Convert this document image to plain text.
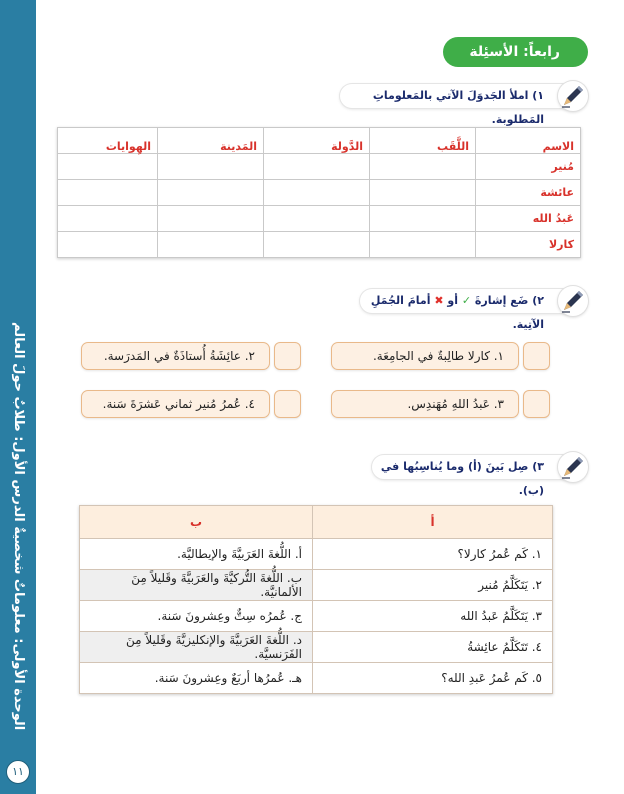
الوحدة الأولى: معلوماتٌ شخصيةٌ الدرس الأول: طلابٌ حولَ العالم
١١
رابعاً: الأسئِلة
١) املأ الجَدوَلَ الآتي بالمَعلوماتِ المَطلوبة.
الاسم	اللَّقَب	الدَّولة	المَدينة	الهِوايات
مُنير				
عائشة				
عَبدُ الله				
كارلا				
٢) ضَع إشارةَ ✓ أو ✖ أمامَ الجُمَلِ الآتِية.
١. كارلا طالِبةٌ في الجامِعَة.
٢. عائِشَةُ أُستاذَةٌ في المَدرَسة.
٣. عَبدُ اللهِ مُهَندِس.
٤. عُمرُ مُنير ثماني عَشرَةَ سَنة.
٣) صِل بَينَ (أ) وما يُناسِبُها في (ب).
أ	ب
١. كَم عُمرُ كارلا؟	أ. اللُّغةَ العَرَبيَّةَ والإيطاليَّة.
٢. يَتَكَلَّمُ مُنير	ب. اللُّغةَ التُّركيَّةَ والعَرَبيَّةَ وقَليلاً مِنَ الألمانيَّة.
٣. يَتَكَلَّمُ عَبدُ الله	ج. عُمرُه سِتٌّ وعِشرونَ سَنة.
٤. تَتَكَلَّمُ عائِشةُ	د. اللُّغةَ العَرَبيَّةَ والإنكليزيَّةَ وقَليلاً مِنَ الفَرَنسيَّة.
٥. كَم عُمرُ عَبدِ الله؟	هـ. عُمرُها أربَعٌ وعِشرونَ سَنة.
